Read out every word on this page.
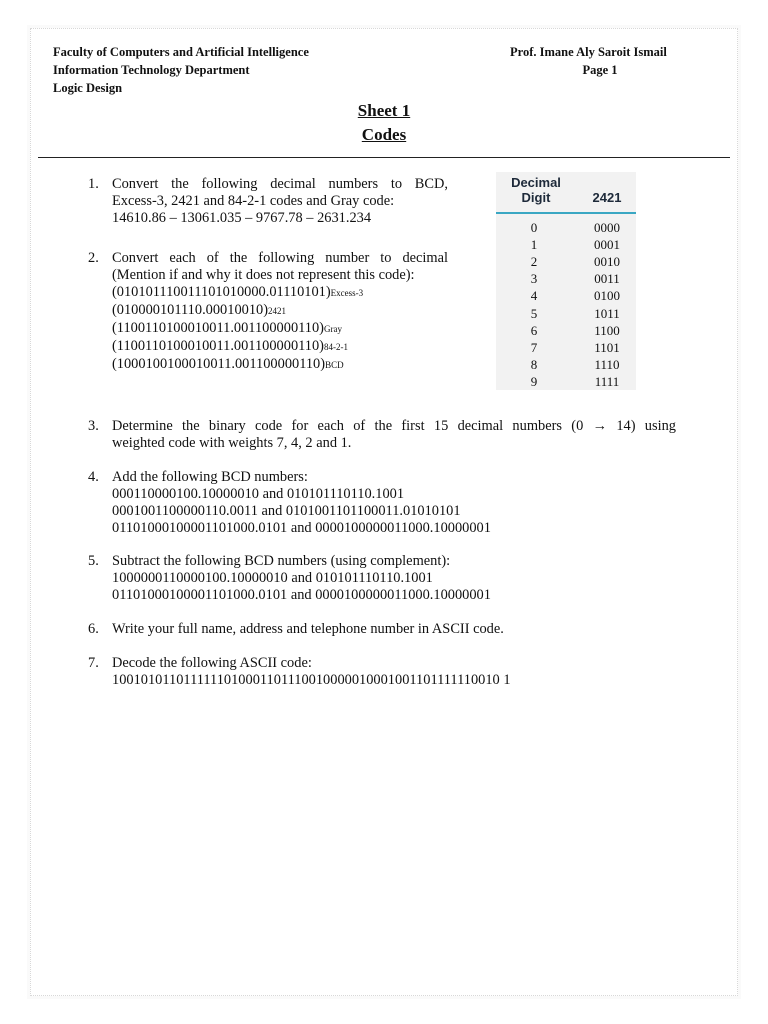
Faculty of Computers and Artificial Intelligence
Information Technology Department
Logic Design
Prof. Imane Aly Saroit Ismail
Page 1
Sheet 1
Codes
1. Convert the following decimal numbers to BCD,
Excess-3, 2421 and 84-2-1 codes and Gray code:
14610.86 – 13061.035 – 9767.78 – 2631.234
2. Convert each of the following number to decimal
(Mention if and why it does not represent this code):
(010101110011101010000.01110101)Excess-3
(010000101110.00010010)2421
(1100110100010011.001100000110)Gray
(1100110100010011.001100000110)84-2-1
(1000100100010011.001100000110)BCD
Decimal
Digit	2421
0	0000
1	0001
2	0010
3	0011
4	0100
5	1011
6	1100
7	1101
8	1110
9	1111
3. Determine the binary code for each of the first 15 decimal numbers (0 → 14) using
weighted code with weights 7, 4, 2 and 1.
4. Add the following BCD numbers:
000110000100.10000010 and 010101110110.1001
0001001100000110.0011 and 0101001101100011.01010101
01101000100001101000.0101 and 0000100000011000.10000001
5. Subtract the following BCD numbers (using complement):
1000000110000100.10000010 and 010101110110.1001
01101000100001101000.0101 and 0000100000011000.10000001
6. Write your full name, address and telephone number in ASCII code.
7. Decode the following ASCII code:
1001010110111111010001101110010000010001001101111110010 1
